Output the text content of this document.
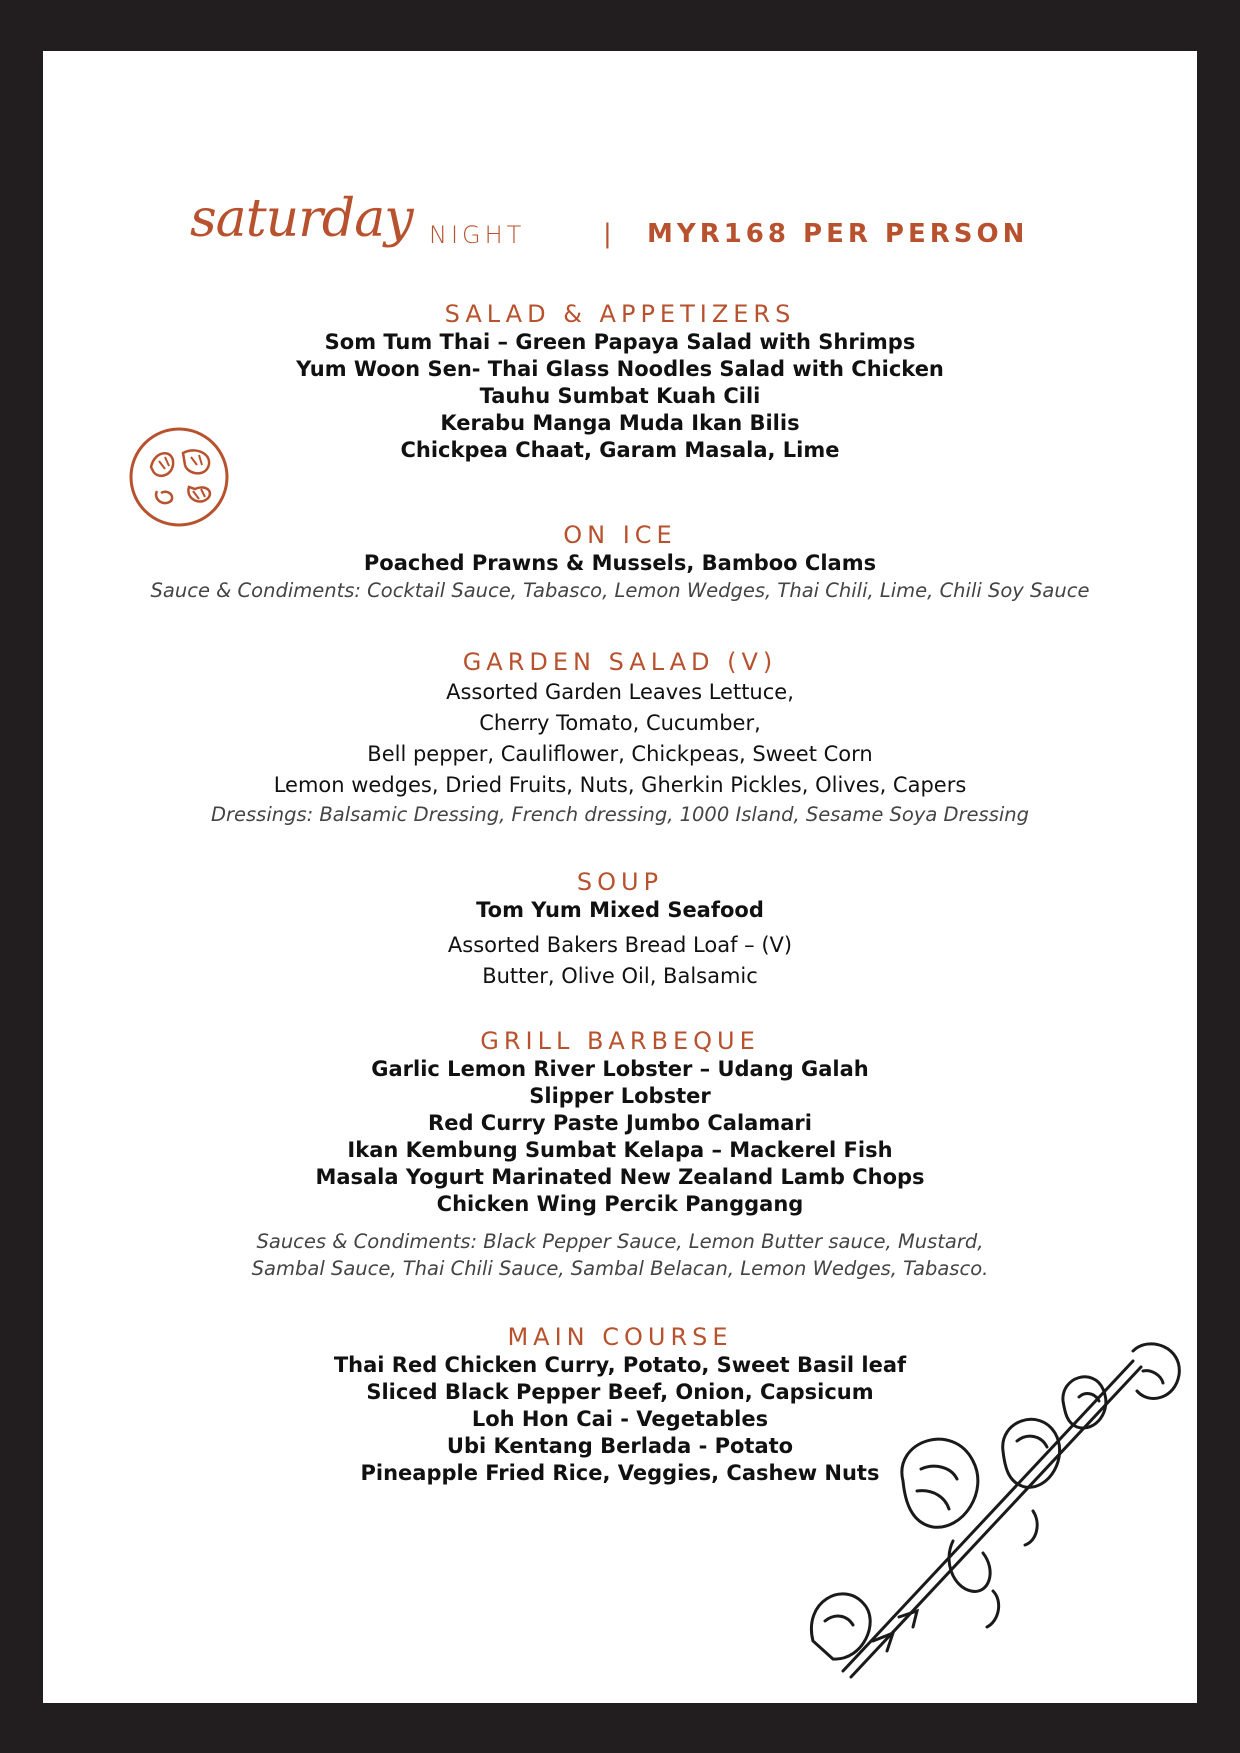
saturday NIGHT	| MYR168 PER PERSON

SALAD & APPETIZERS

Som Tum Thai – Green Papaya Salad with Shrimps

Yum Woon Sen- Thai Glass Noodles Salad with Chicken

Tauhu Sumbat Kuah Cili

Kerabu Manga Muda Ikan Bilis

Chickpea Chaat, Garam Masala, Lime

ON ICE

Poached Prawns & Mussels, Bamboo Clams

Sauce & Condiments: Cocktail Sauce, Tabasco, Lemon Wedges, Thai Chili, Lime, Chili Soy Sauce

GARDEN SALAD (V)

Assorted Garden Leaves Lettuce,

Cherry Tomato, Cucumber,

Bell pepper, Cauliflower, Chickpeas, Sweet Corn

Lemon wedges, Dried Fruits, Nuts, Gherkin Pickles, Olives, Capers

Dressings: Balsamic Dressing, French dressing, 1000 Island, Sesame Soya Dressing

SOUP

Tom Yum Mixed Seafood

Assorted Bakers Bread Loaf – (V)

Butter, Olive Oil, Balsamic

GRILL BARBEQUE

Garlic Lemon River Lobster – Udang Galah

Slipper Lobster

Red Curry Paste Jumbo Calamari

Ikan Kembung Sumbat Kelapa – Mackerel Fish

Masala Yogurt Marinated New Zealand Lamb Chops

Chicken Wing Percik Panggang

Sauces & Condiments: Black Pepper Sauce, Lemon Butter sauce, Mustard,

Sambal Sauce, Thai Chili Sauce, Sambal Belacan, Lemon Wedges, Tabasco.

MAIN COURSE

Thai Red Chicken Curry, Potato, Sweet Basil leaf

Sliced Black Pepper Beef, Onion, Capsicum

Loh Hon Cai - Vegetables

Ubi Kentang Berlada - Potato

Pineapple Fried Rice, Veggies, Cashew Nuts
